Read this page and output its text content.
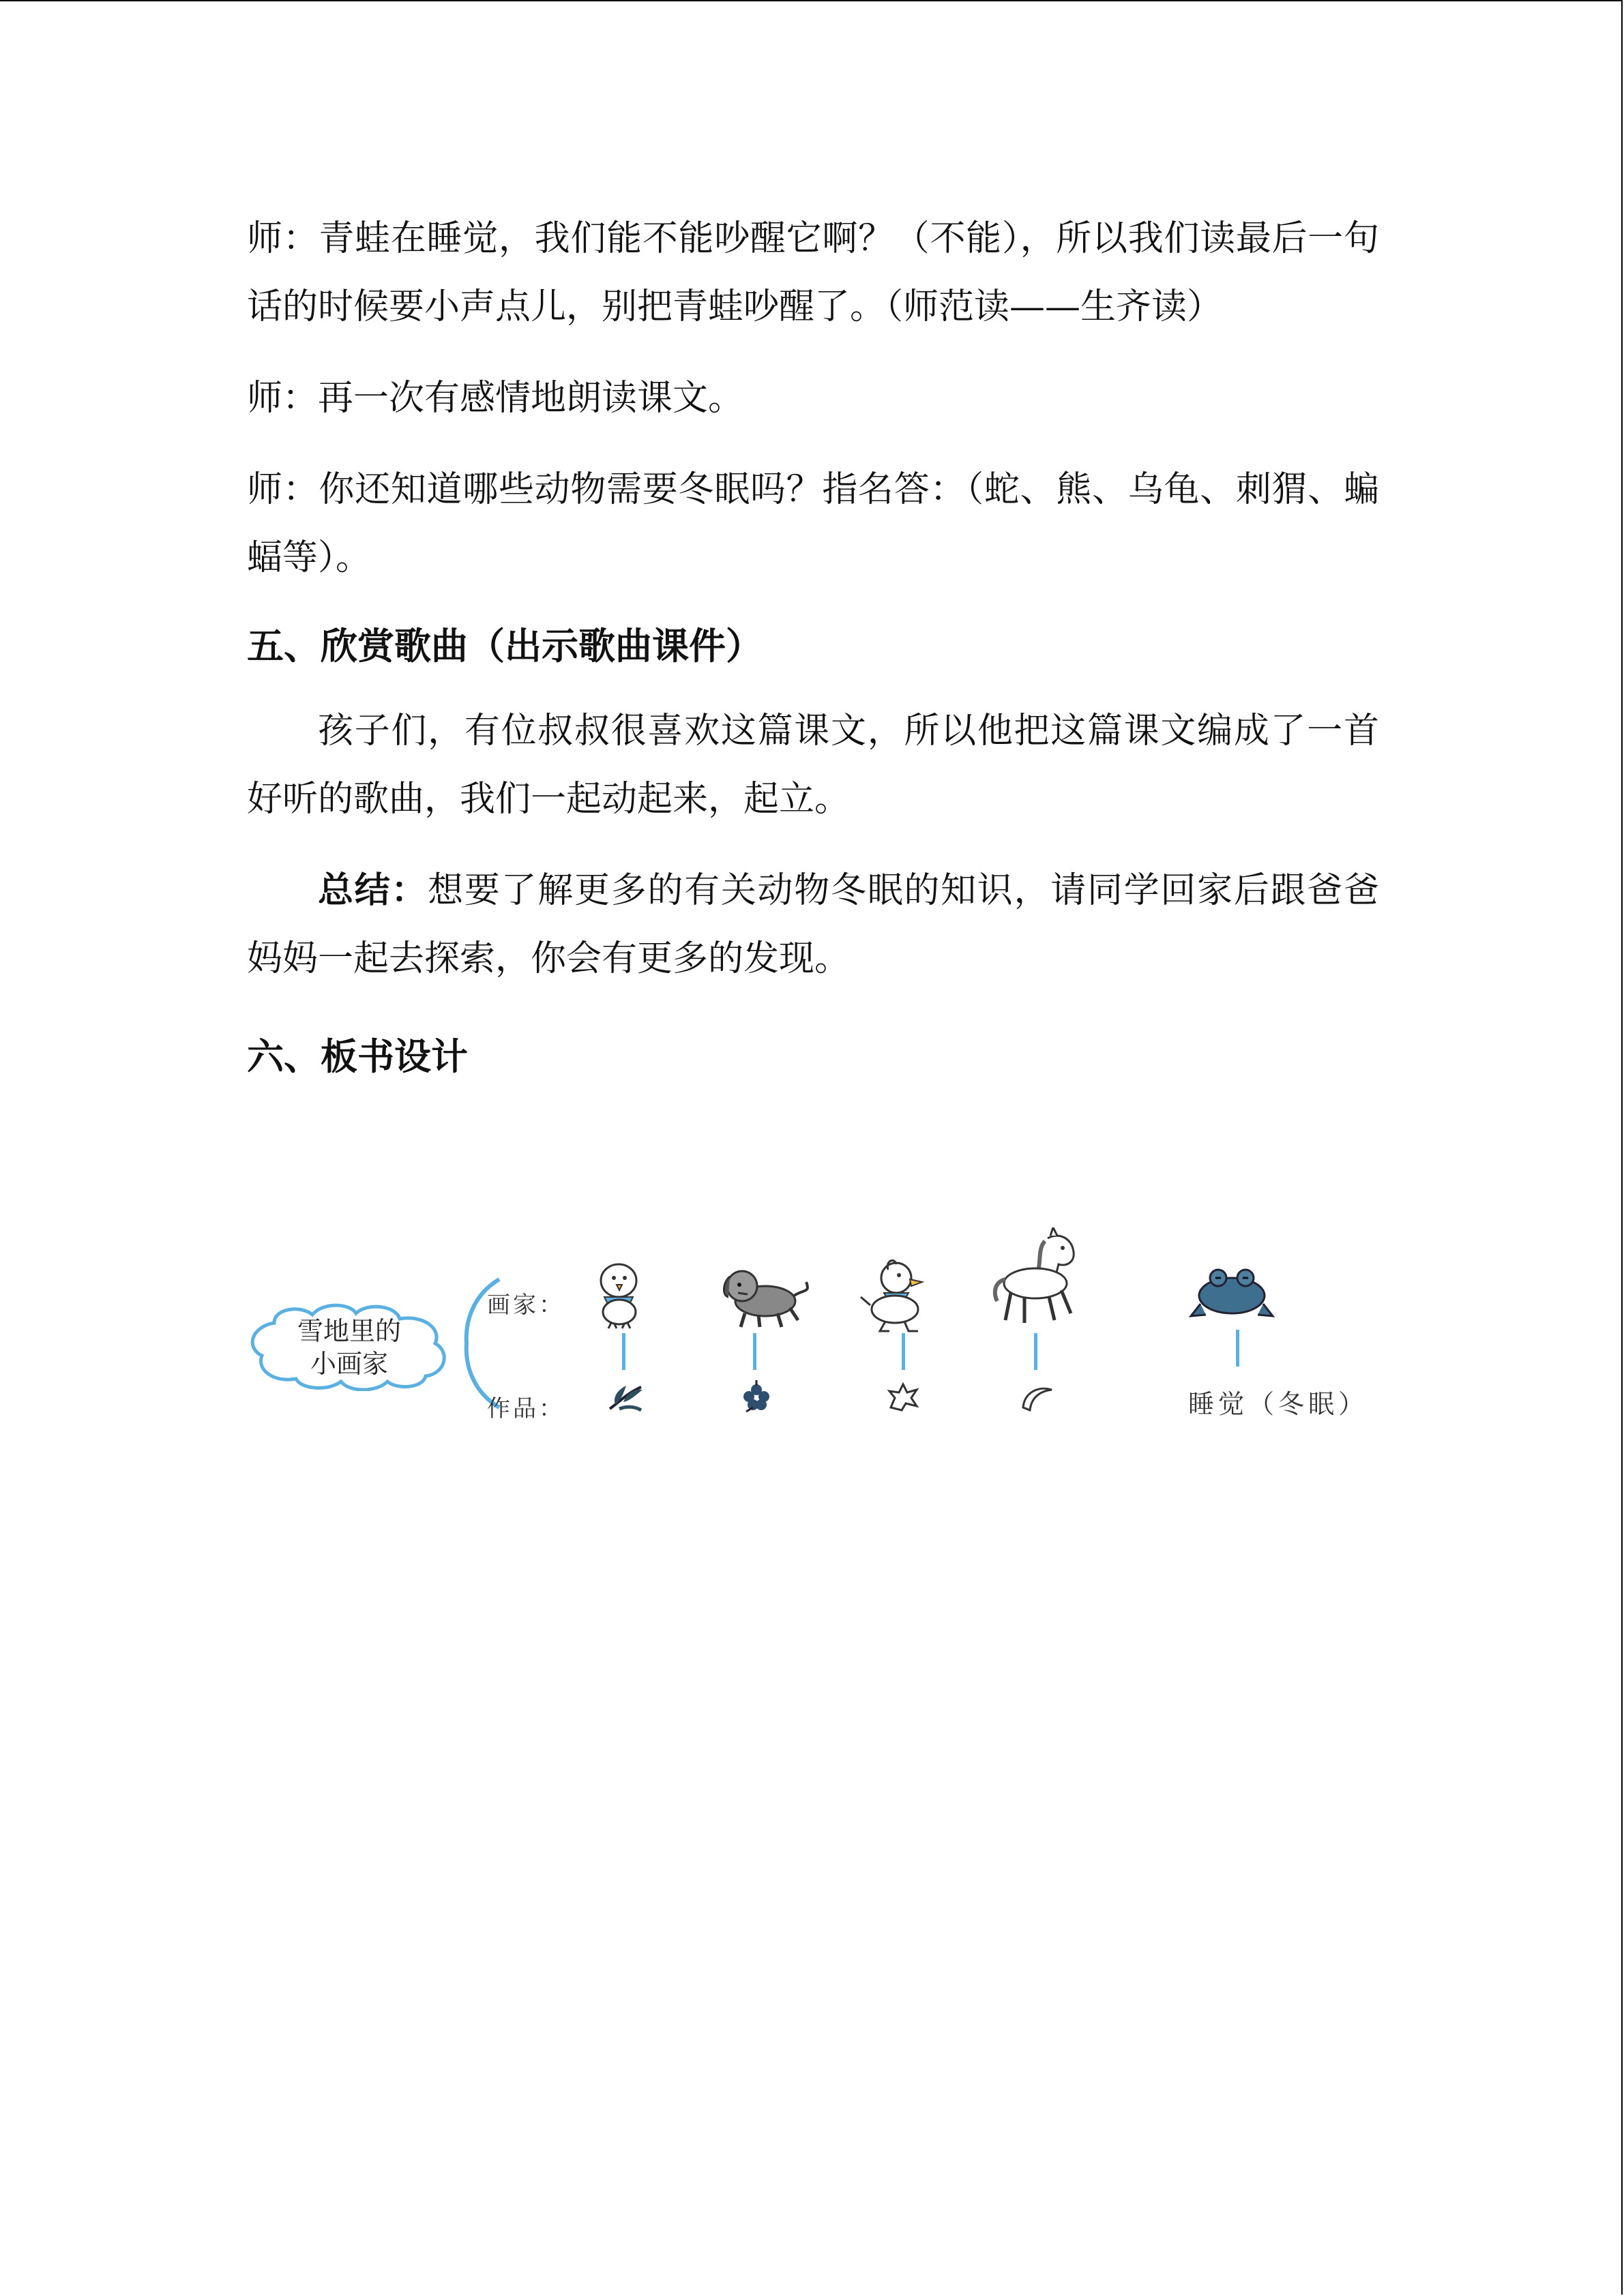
师：青蛙在睡觉，我们能不能吵醒它啊？（不能），所以我们读最后一句话的时候要小声点儿，别把青蛙吵醒了。（师范读——生齐读）

师：再一次有感情地朗读课文。

师：你还知道哪些动物需要冬眠吗？指名答：（蛇、熊、乌龟、刺猬、蝙蝠等）。

五、欣赏歌曲（出示歌曲课件）

孩子们，有位叔叔很喜欢这篇课文，所以他把这篇课文编成了一首好听的歌曲，我们一起动起来，起立。

总结：想要了解更多的有关动物冬眠的知识，请同学回家后跟爸爸妈妈一起去探索，你会有更多的发现。

六、板书设计
雪地里的
小画家
画家：
作品：	睡觉（冬眠）
